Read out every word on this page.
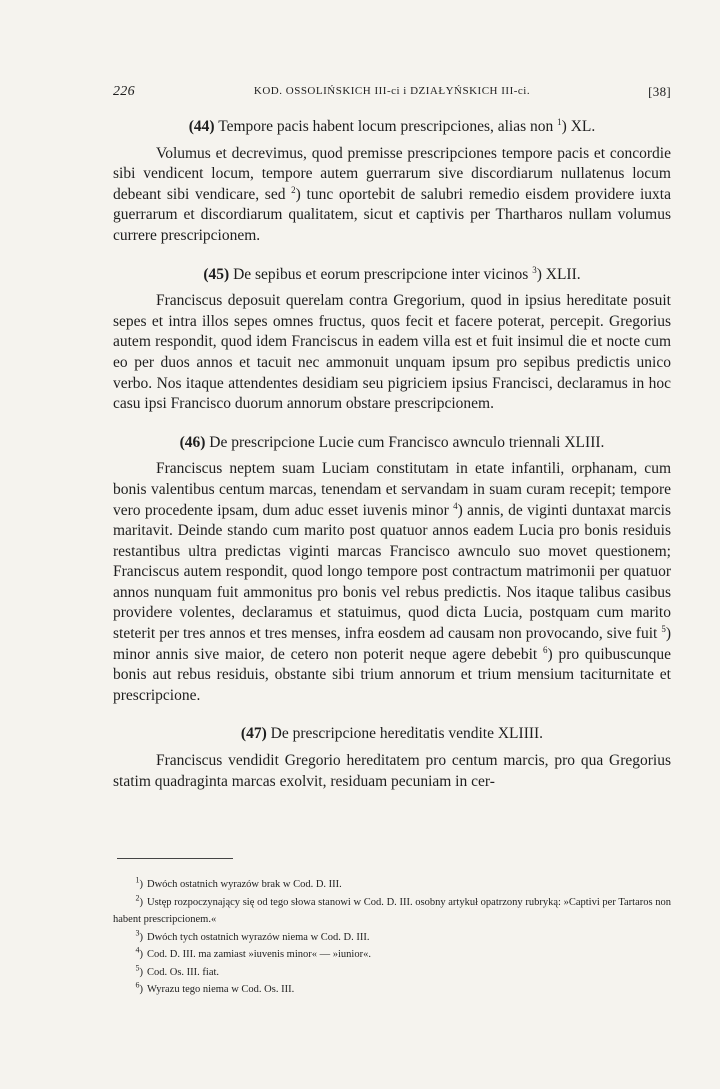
226	KOD. OSSOLIŃSKICH III-ci i DZIAŁYŃSKICH III-ci.	[38]

(44) Tempore pacis habent locum prescripciones, alias non $^1$) XL.

Volumus et decrevimus, quod premisse prescripciones tempore pacis et concordie sibi vendicent locum, tempore autem guerrarum sive discordiarum nullatenus locum debeant sibi vendicare, sed $^2$) tunc oportebit de salubri remedio eisdem providere iuxta guerrarum et discordiarum qualitatem, sicut et captivis per Thartharos nullam volumus currere prescripcionem.

(45) De sepibus et eorum prescripcione inter vicinos $^3$) XLII.

Franciscus deposuit querelam contra Gregorium, quod in ipsius hereditate posuit sepes et intra illos sepes omnes fructus, quos fecit et facere poterat, percepit. Gregorius autem respondit, quod idem Franciscus in eadem villa est et fuit insimul die et nocte cum eo per duos annos et tacuit nec ammonuit unquam ipsum pro sepibus predictis unico verbo. Nos itaque attendentes desidiam seu pigriciem ipsius Francisci, declaramus in hoc casu ipsi Francisco duorum annorum obstare prescripcionem.

(46) De prescripcione Lucie cum Francisco awnculo triennali XLIII.

Franciscus neptem suam Luciam constitutam in etate infantili, orphanam, cum bonis valentibus centum marcas, tenendam et servandam in suam curam recepit; tempore vero procedente ipsam, dum aduc esset iuvenis minor $^4$) annis, de viginti duntaxat marcis maritavit. Deinde stando cum marito post quatuor annos eadem Lucia pro bonis residuis restantibus ultra predictas viginti marcas Francisco awnculo suo movet questionem; Franciscus autem respondit, quod longo tempore post contractum matrimonii per quatuor annos nunquam fuit ammonitus pro bonis vel rebus predictis. Nos itaque talibus casibus providere volentes, declaramus et statuimus, quod dicta Lucia, postquam cum marito steterit per tres annos et tres menses, infra eosdem ad causam non provocando, sive fuit $^5$) minor annis sive maior, de cetero non poterit neque agere debebit $^6$) pro quibuscunque bonis aut rebus residuis, obstante sibi trium annorum et trium mensium taciturnitate et prescripcione.

(47) De prescripcione hereditatis vendite XLIIII.

Franciscus vendidit Gregorio hereditatem pro centum marcis, pro qua Gregorius statim quadraginta marcas exolvit, residuam pecuniam in cer-

$^1$) Dwóch ostatnich wyrazów brak w Cod. D. III.

$^2$) Ustęp rozpoczynający się od tego słowa stanowi w Cod. D. III. osobny artykuł opatrzony rubryką: »Captivi per Tartaros non habent prescripcionem.«

$^3$) Dwóch tych ostatnich wyrazów niema w Cod. D. III.

$^4$) Cod. D. III. ma zamiast »iuvenis minor« — »iunior«.

$^5$) Cod. Os. III. fiat.

$^6$) Wyrazu tego niema w Cod. Os. III.
